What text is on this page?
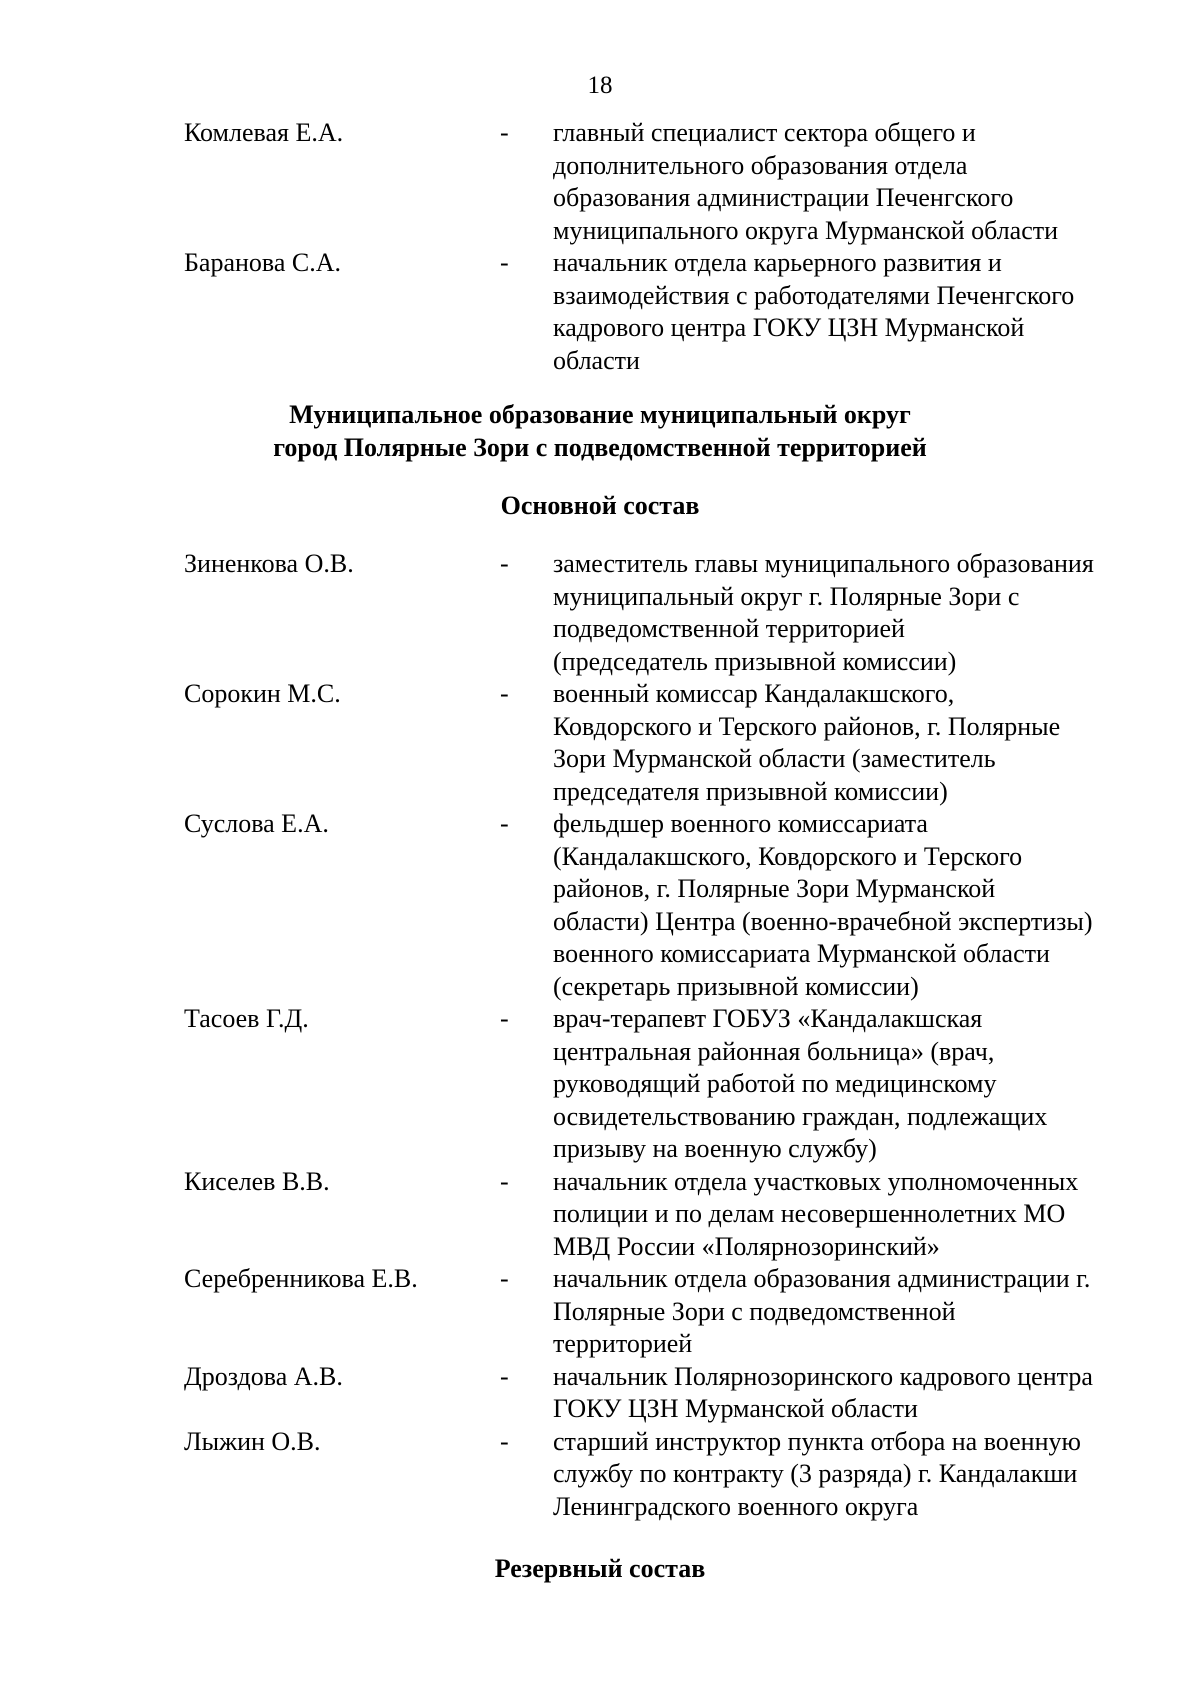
18
Комлевая Е.А.	- главный специалист сектора общего и
дополнительного образования отдела
образования администрации Печенгского
муниципального округа Мурманской области
Баранова С.А.	- начальник отдела карьерного развития и
взаимодействия с работодателями Печенгского
кадрового центра ГОКУ ЦЗН Мурманской
области
Муниципальное образование муниципальный округ
город Полярные Зори с подведомственной территорией
Основной состав
Зиненкова О.В.	- заместитель главы муниципального образования
муниципальный округ г. Полярные Зори с
подведомственной территорией
(председатель призывной комиссии)
Сорокин М.С.	- военный комиссар Кандалакшского,
Ковдорского и Терского районов, г. Полярные
Зори Мурманской области (заместитель
председателя призывной комиссии)
Суслова Е.А.	- фельдшер военного комиссариата
(Кандалакшского, Ковдорского и Терского
районов, г. Полярные Зори Мурманской
области) Центра (военно-врачебной экспертизы)
военного комиссариата Мурманской области
(секретарь призывной комиссии)
Тасоев Г.Д.	- врач-терапевт ГОБУЗ «Кандалакшская
центральная районная больница» (врач,
руководящий работой по медицинскому
освидетельствованию граждан, подлежащих
призыву на военную службу)
Киселев В.В.	- начальник отдела участковых уполномоченных
полиции и по делам несовершеннолетних МО
МВД России «Полярнозоринский»
Серебренникова Е.В.	- начальник отдела образования администрации г.
Полярные Зори с подведомственной
территорией
Дроздова А.В.	- начальник Полярнозоринского кадрового центра
ГОКУ ЦЗН Мурманской области
Лыжин О.В.	- старший инструктор пункта отбора на военную
службу по контракту (3 разряда) г. Кандалакши
Ленинградского военного округа
Резервный состав
